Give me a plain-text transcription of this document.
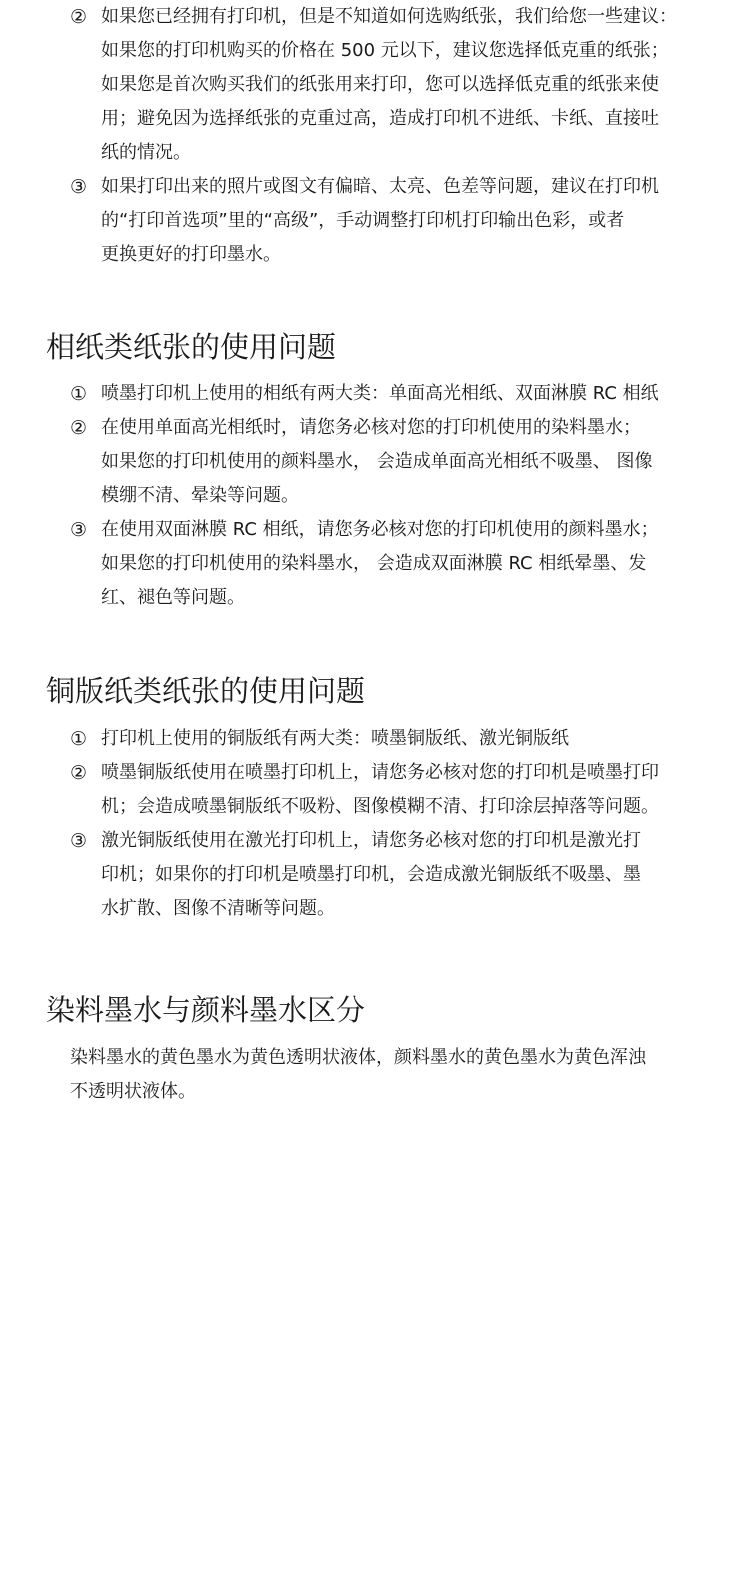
② 如果您已经拥有打印机，但是不知道如何选购纸张，我们给您一些建议：
如果您的打印机购买的价格在 500 元以下，建议您选择低克重的纸张；
如果您是首次购买我们的纸张用来打印，您可以选择低克重的纸张来使
用；避免因为选择纸张的克重过高，造成打印机不进纸、卡纸、直接吐
纸的情况。
③ 如果打印出来的照片或图文有偏暗、太亮、色差等问题，建议在打印机
的“打印首选项”里的“高级”，手动调整打印机打印输出色彩，或者
更换更好的打印墨水。
相纸类纸张的使用问题
① 喷墨打印机上使用的相纸有两大类：单面高光相纸、双面淋膜 RC 相纸
② 在使用单面高光相纸时，请您务必核对您的打印机使用的染料墨水；
如果您的打印机使用的颜料墨水， 会造成单面高光相纸不吸墨、 图像
模绷不清、晕染等问题。
③ 在使用双面淋膜 RC 相纸，请您务必核对您的打印机使用的颜料墨水；
如果您的打印机使用的染料墨水， 会造成双面淋膜 RC 相纸晕墨、发
红、褪色等问题。
铜版纸类纸张的使用问题
① 打印机上使用的铜版纸有两大类：喷墨铜版纸、激光铜版纸
② 喷墨铜版纸使用在喷墨打印机上，请您务必核对您的打印机是喷墨打印
机；会造成喷墨铜版纸不吸粉、图像模糊不清、打印涂层掉落等问题。
③ 激光铜版纸使用在激光打印机上，请您务必核对您的打印机是激光打
印机；如果你的打印机是喷墨打印机，会造成激光铜版纸不吸墨、墨
水扩散、图像不清晰等问题。
染料墨水与颜料墨水区分

染料墨水的黄色墨水为黄色透明状液体，颜料墨水的黄色墨水为黄色浑浊
不透明状液体。
